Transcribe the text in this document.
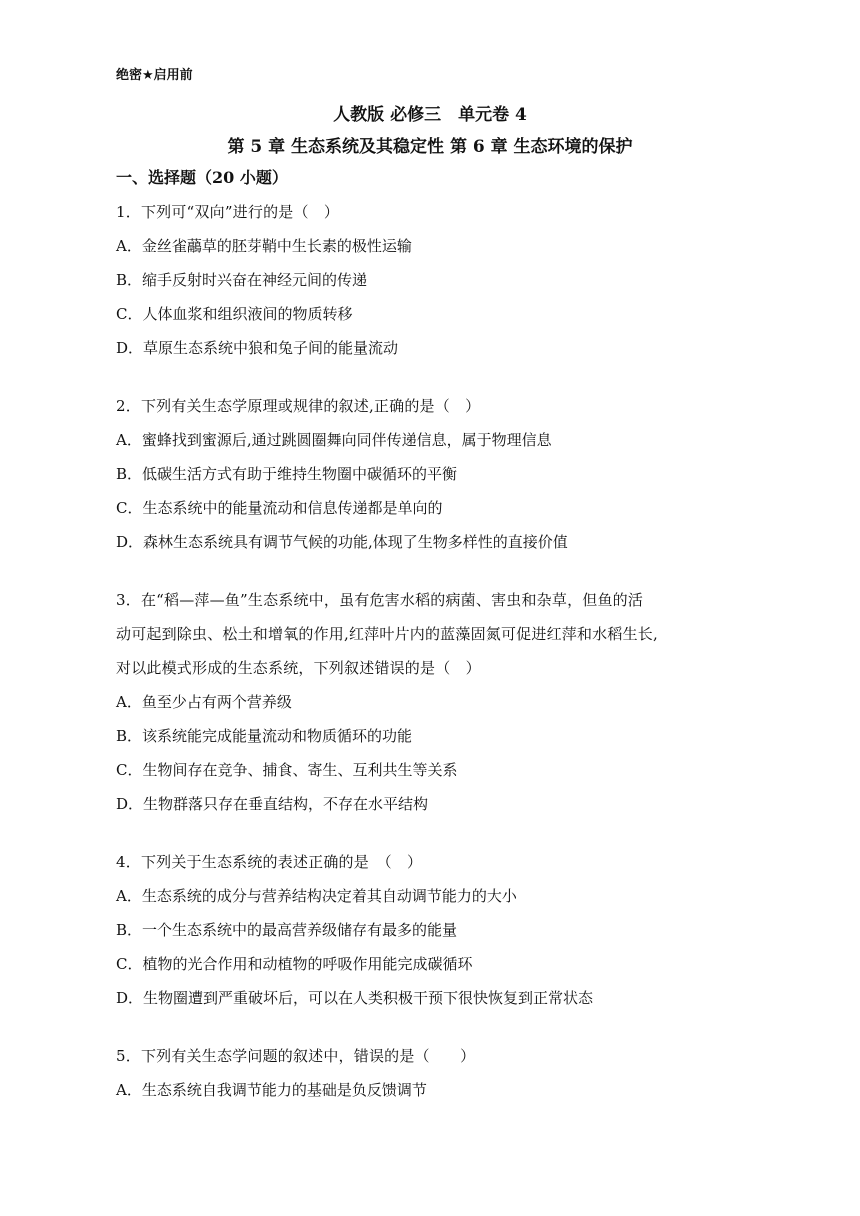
绝密★启用前
人教版 必修三　单元卷 4
第 5 章 生态系统及其稳定性 第 6 章 生态环境的保护
一、选择题（20 小题）
1．下列可“双向”进行的是（　）
A．金丝雀虉草的胚芽鞘中生长素的极性运输
B．缩手反射时兴奋在神经元间的传递
C．人体血浆和组织液间的物质转移
D．草原生态系统中狼和兔子间的能量流动
2．下列有关生态学原理或规律的叙述,正确的是（　）
A．蜜蜂找到蜜源后,通过跳圆圈舞向同伴传递信息，属于物理信息
B．低碳生活方式有助于维持生物圈中碳循环的平衡
C．生态系统中的能量流动和信息传递都是单向的
D．森林生态系统具有调节气候的功能,体现了生物多样性的直接价值
3．在“稻—萍—鱼”生态系统中，虽有危害水稻的病菌、害虫和杂草，但鱼的活
动可起到除虫、松土和增氧的作用,红萍叶片内的蓝藻固氮可促进红萍和水稻生长,
对以此模式形成的生态系统，下列叙述错误的是（　）
A．鱼至少占有两个营养级
B．该系统能完成能量流动和物质循环的功能
C．生物间存在竞争、捕食、寄生、互利共生等关系
D．生物群落只存在垂直结构，不存在水平结构
4．下列关于生态系统的表述正确的是　（　）
A．生态系统的成分与营养结构决定着其自动调节能力的大小
B．一个生态系统中的最高营养级储存有最多的能量
C．植物的光合作用和动植物的呼吸作用能完成碳循环
D．生物圈遭到严重破坏后，可以在人类积极干预下很快恢复到正常状态
5．下列有关生态学问题的叙述中，错误的是（　　）
A．生态系统自我调节能力的基础是负反馈调节
